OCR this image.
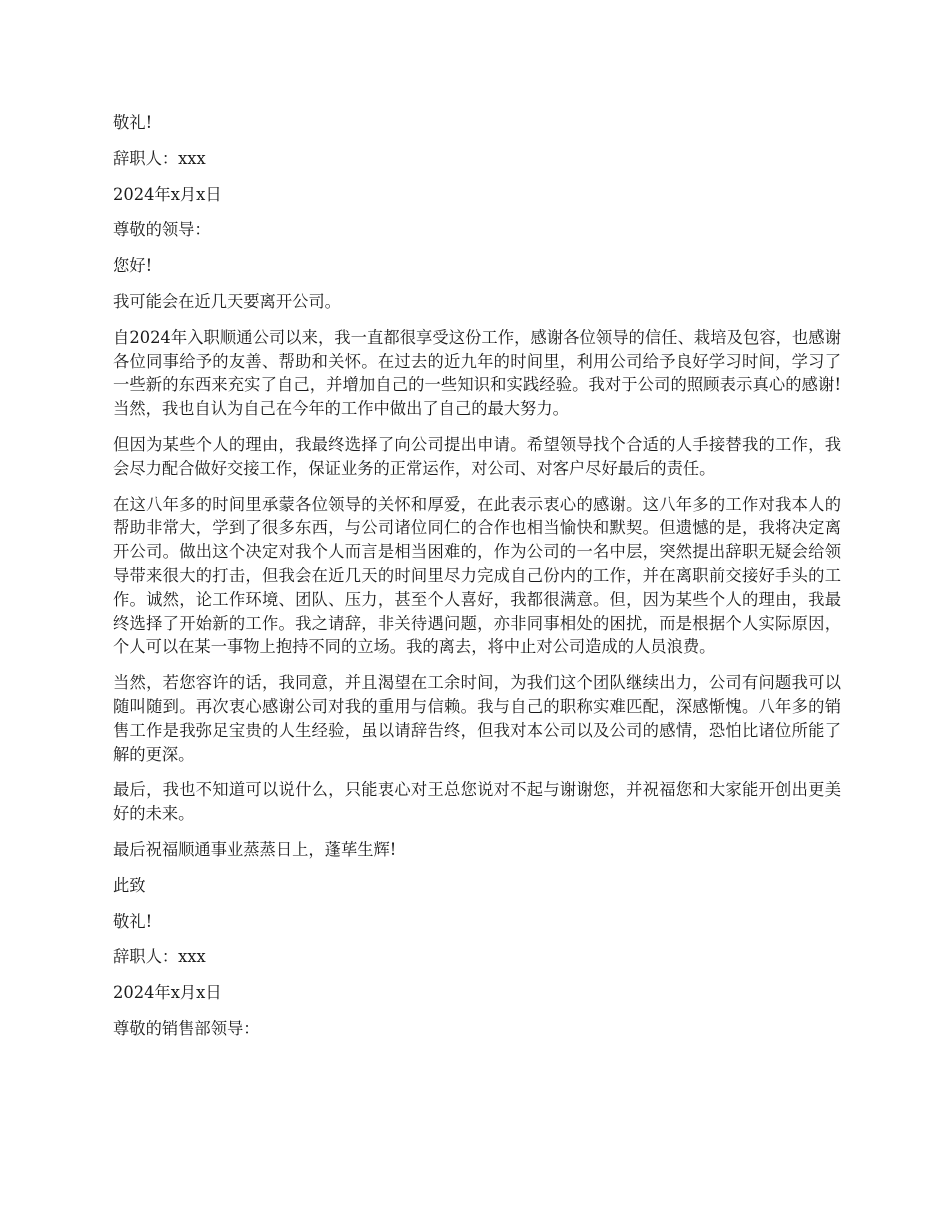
敬礼!

辞职人：xxx

2024年x月x日

尊敬的领导：

您好!

我可能会在近几天要离开公司。

自2024年入职顺通公司以来，我一直都很享受这份工作，感谢各位领导的信任、栽培及包容，也感谢各位同事给予的友善、帮助和关怀。在过去的近九年的时间里，利用公司给予良好学习时间，学习了一些新的东西来充实了自己，并增加自己的一些知识和实践经验。我对于公司的照顾表示真心的感谢!当然，我也自认为自己在今年的工作中做出了自己的最大努力。

但因为某些个人的理由，我最终选择了向公司提出申请。希望领导找个合适的人手接替我的工作，我会尽力配合做好交接工作，保证业务的正常运作，对公司、对客户尽好最后的责任。

在这八年多的时间里承蒙各位领导的关怀和厚爱，在此表示衷心的感谢。这八年多的工作对我本人的帮助非常大，学到了很多东西，与公司诸位同仁的合作也相当愉快和默契。但遗憾的是，我将决定离开公司。做出这个决定对我个人而言是相当困难的，作为公司的一名中层，突然提出辞职无疑会给领导带来很大的打击，但我会在近几天的时间里尽力完成自己份内的工作，并在离职前交接好手头的工作。诚然，论工作环境、团队、压力，甚至个人喜好，我都很满意。但，因为某些个人的理由，我最终选择了开始新的工作。我之请辞，非关待遇问题，亦非同事相处的困扰，而是根据个人实际原因，个人可以在某一事物上抱持不同的立场。我的离去，将中止对公司造成的人员浪费。

当然，若您容许的话，我同意，并且渴望在工余时间，为我们这个团队继续出力，公司有问题我可以随叫随到。再次衷心感谢公司对我的重用与信赖。我与自己的职称实难匹配，深感惭愧。八年多的销售工作是我弥足宝贵的人生经验，虽以请辞告终，但我对本公司以及公司的感情，恐怕比诸位所能了解的更深。

最后，我也不知道可以说什么，只能衷心对王总您说对不起与谢谢您，并祝福您和大家能开创出更美好的未来。

最后祝福顺通事业蒸蒸日上，蓬荜生辉!

此致

敬礼!

辞职人：xxx

2024年x月x日

尊敬的销售部领导：
